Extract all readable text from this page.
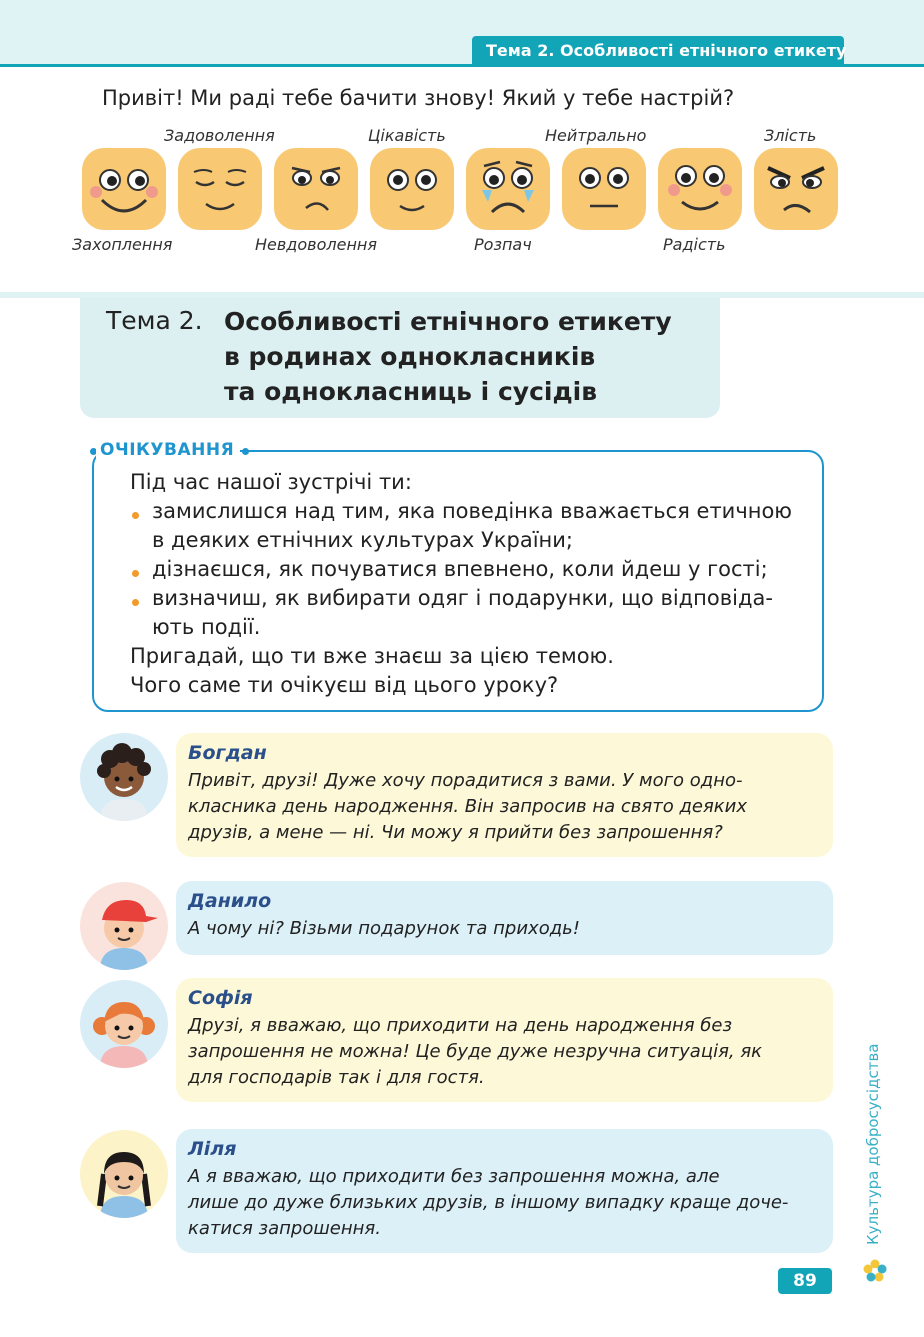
Тема 2. Особливості етнічного етикету
Привіт! Ми раді тебе бачити знову! Який у тебе настрій?
Задоволення	Цікавість	Нейтрально	Злість
Захоплення	Невдоволення	Розпач	Радість
Тема 2. Особливості етнічного етикету
в родинах однокласників
та однокласниць і сусідів
ОЧІКУВАННЯ
Під час нашої зустрічі ти:
замислишся над тим, яка поведінка вважається етичною
в деяких етнічних культурах України;
дізнаєшся, як почуватися впевнено, коли йдеш у гості;
визначиш, як вибирати одяг і подарунки, що відповіда-
ють події.
Пригадай, що ти вже знаєш за цією темою.
Чого саме ти очікуєш від цього уроку?
Богдан
Привіт, друзі! Дуже хочу порадитися з вами. У мого одно-
класника день народження. Він запросив на свято деяких
друзів, а мене — ні. Чи можу я прийти без запрошення?
Данило
А чому ні? Візьми подарунок та приходь!
Софія
Друзі, я вважаю, що приходити на день народження без
запрошення не можна! Це буде дуже незручна ситуація, як
для господарів так і для гостя.
Ліля
А я вважаю, що приходити без запрошення можна, але
лише до дуже близьких друзів, в іншому випадку краще доче-
катися запрошення.	Культура добросусідства
89
